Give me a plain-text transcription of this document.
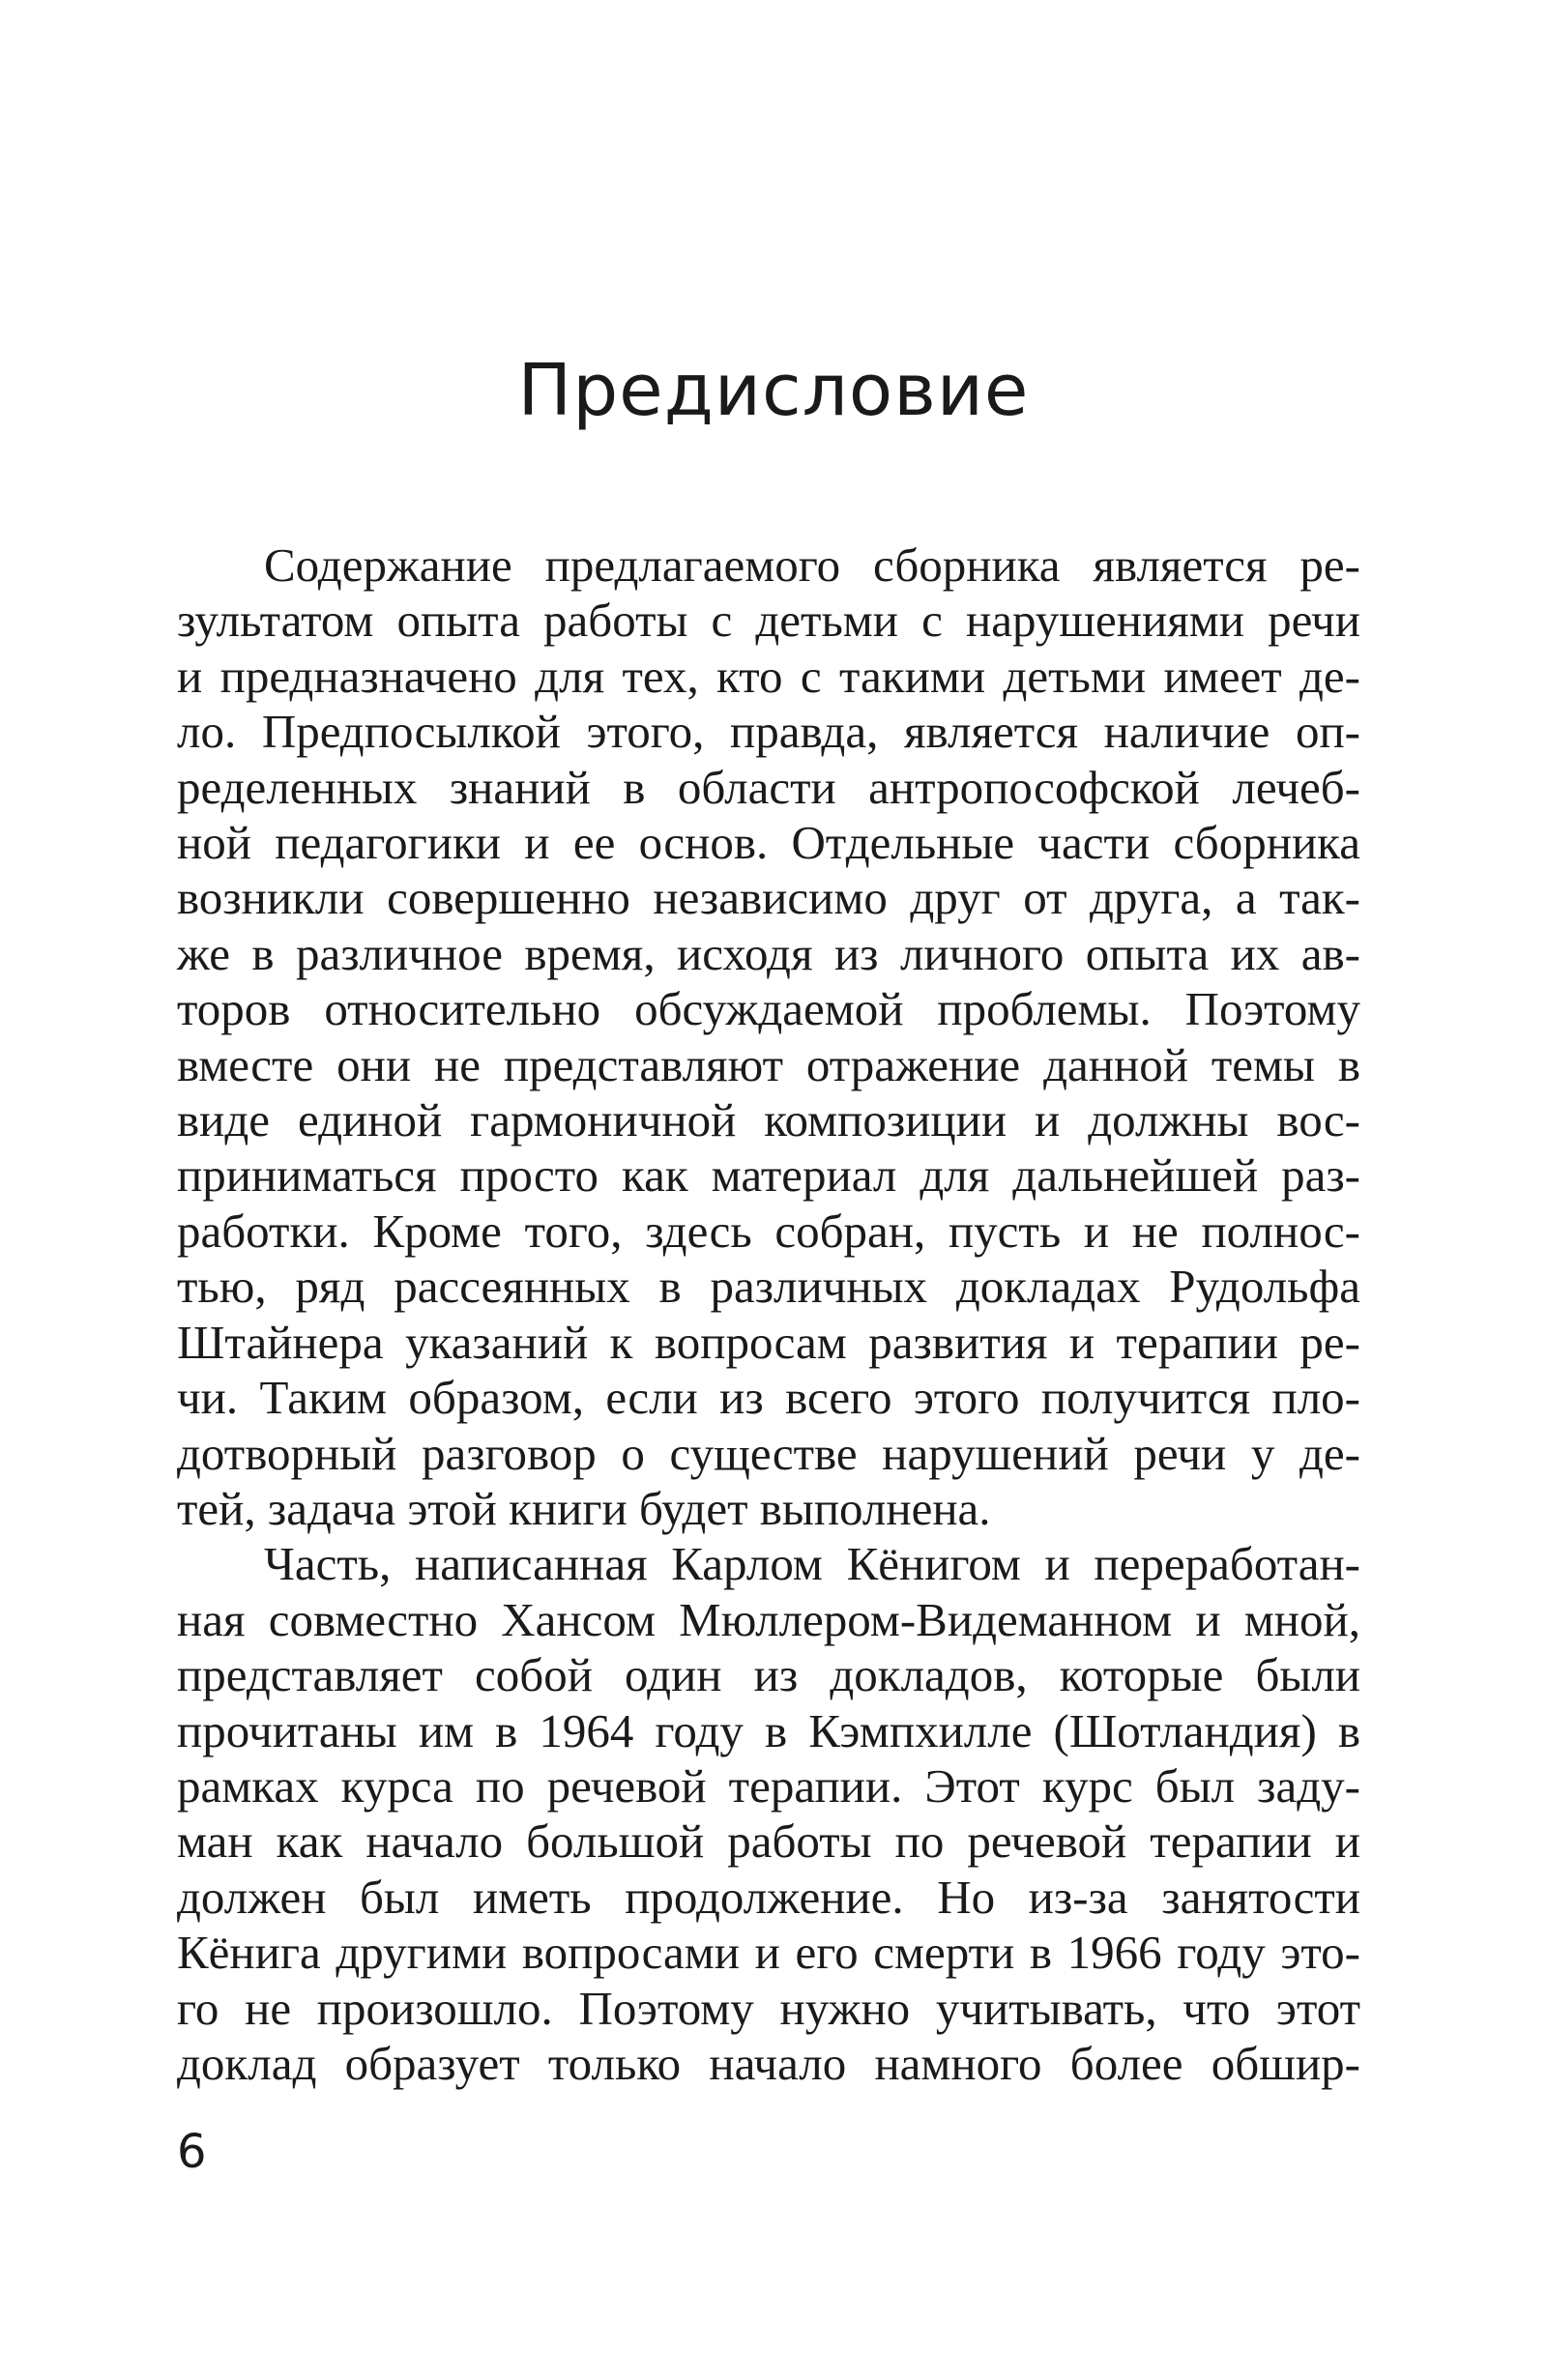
Предисловие

Содержание предлагаемого сборника является ре-
зультатом опыта работы с детьми с нарушениями речи
и предназначено для тех, кто с такими детьми имеет де-
ло. Предпосылкой этого, правда, является наличие оп-
ределенных знаний в области антропософской лечеб-
ной педагогики и ее основ. Отдельные части сборника
возникли совершенно независимо друг от друга, а так-
же в различное время, исходя из личного опыта их ав-
торов относительно обсуждаемой проблемы. Поэтому
вместе они не представляют отражение данной темы в
виде единой гармоничной композиции и должны вос-
приниматься просто как материал для дальнейшей раз-
работки. Кроме того, здесь собран, пусть и не полнос-
тью, ряд рассеянных в различных докладах Рудольфа
Штайнера указаний к вопросам развития и терапии ре-
чи. Таким образом, если из всего этого получится пло-
дотворный разговор о существе нарушений речи у де-
тей, задача этой книги будет выполнена.

Часть, написанная Карлом Кёнигом и переработан-
ная совместно Хансом Мюллером-Видеманном и мной,
представляет собой один из докладов, которые были
прочитаны им в 1964 году в Кэмпхилле (Шотландия) в
рамках курса по речевой терапии. Этот курс был заду-
ман как начало большой работы по речевой терапии и
должен был иметь продолжение. Но из-за занятости
Кёнига другими вопросами и его смерти в 1966 году это-
го не произошло. Поэтому нужно учитывать, что этот
доклад образует только начало намного более обшир-

6
